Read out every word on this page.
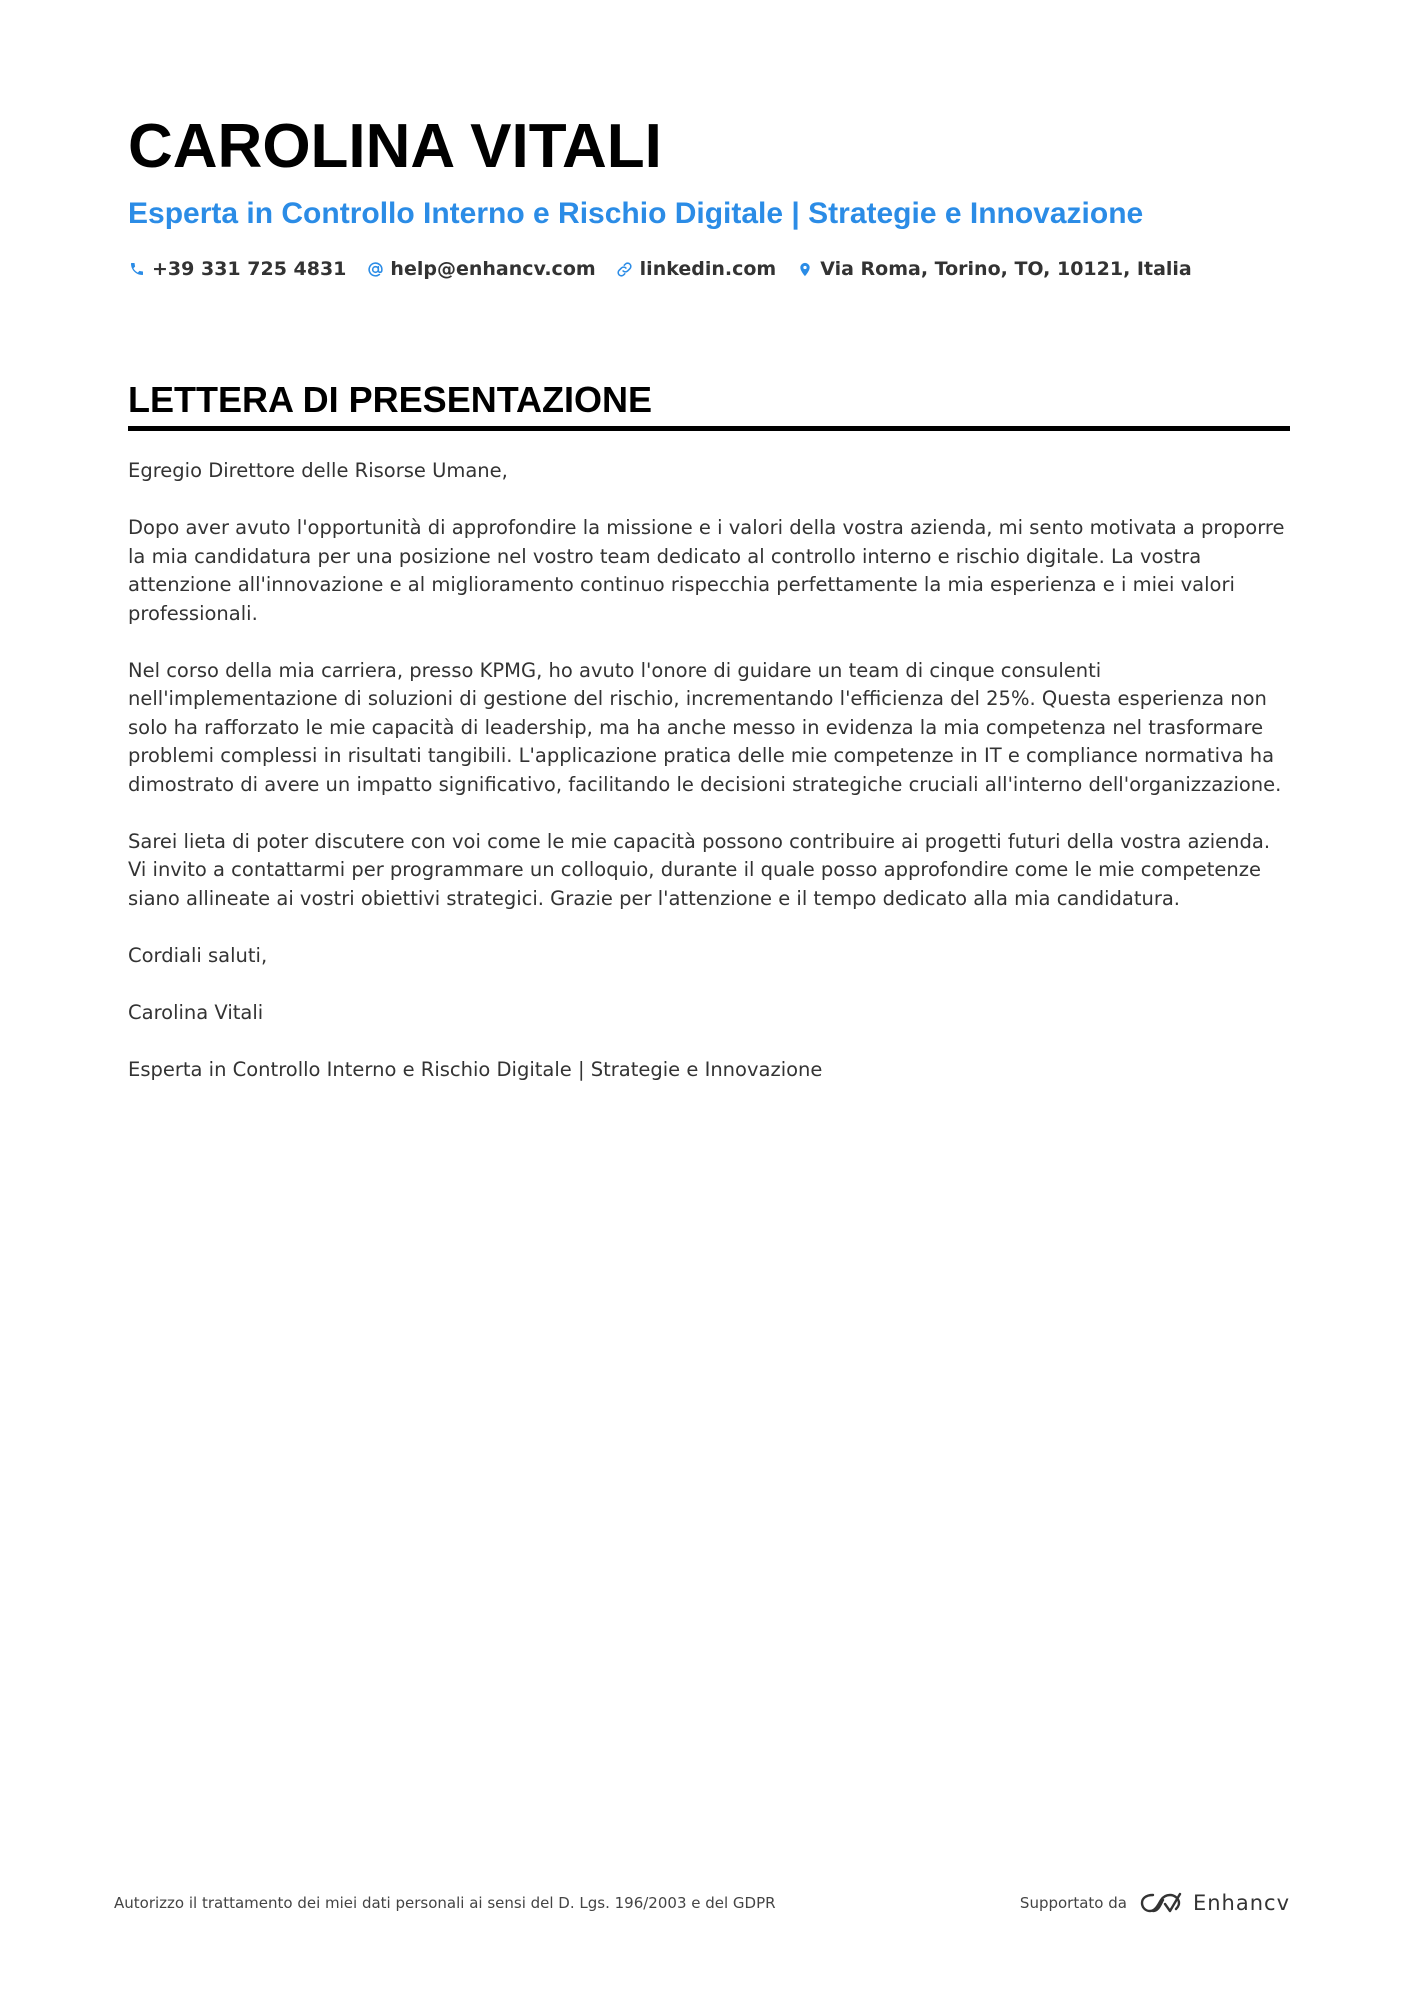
CAROLINA VITALI
Esperta in Controllo Interno e Rischio Digitale | Strategie e Innovazione
+39 331 725 4831 help@enhancv.com linkedin.com Via Roma, Torino, TO, 10121, Italia
LETTERA DI PRESENTAZIONE

Egregio Direttore delle Risorse Umane,

Dopo aver avuto l'opportunità di approfondire la missione e i valori della vostra azienda, mi sento motivata a proporre la mia candidatura per una posizione nel vostro team dedicato al controllo interno e rischio digitale. La vostra attenzione all'innovazione e al miglioramento continuo rispecchia perfettamente la mia esperienza e i miei valori professionali.

Nel corso della mia carriera, presso KPMG, ho avuto l'onore di guidare un team di cinque consulenti nell'implementazione di soluzioni di gestione del rischio, incrementando l'efficienza del 25%. Questa esperienza non solo ha rafforzato le mie capacità di leadership, ma ha anche messo in evidenza la mia competenza nel trasformare problemi complessi in risultati tangibili. L'applicazione pratica delle mie competenze in IT e compliance normativa ha dimostrato di avere un impatto significativo, facilitando le decisioni strategiche cruciali all'interno dell'organizzazione.

Sarei lieta di poter discutere con voi come le mie capacità possono contribuire ai progetti futuri della vostra azienda. Vi invito a contattarmi per programmare un colloquio, durante il quale posso approfondire come le mie competenze siano allineate ai vostri obiettivi strategici. Grazie per l'attenzione e il tempo dedicato alla mia candidatura.

Cordiali saluti,

Carolina Vitali

Esperta in Controllo Interno e Rischio Digitale | Strategie e Innovazione

Autorizzo il trattamento dei miei dati personali ai sensi del D. Lgs. 196/2003 e del GDPR	Supportato da	Enhancv
